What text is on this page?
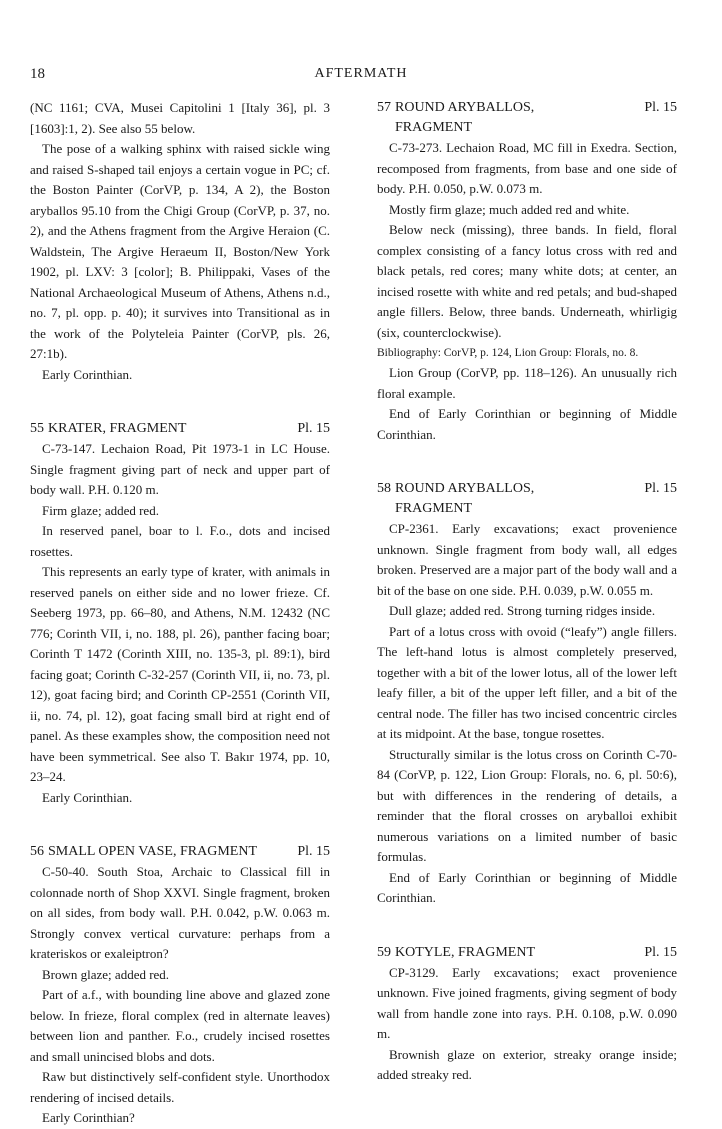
18	AFTERMATH

(NC 1161; CVA, Musei Capitolini 1 [Italy 36], pl. 3 [1603]:1, 2). See also 55 below.

The pose of a walking sphinx with raised sickle wing and raised S-shaped tail enjoys a certain vogue in PC; cf. the Boston Painter (CorVP, p. 134, A 2), the Boston aryballos 95.10 from the Chigi Group (CorVP, p. 37, no. 2), and the Athens fragment from the Argive Heraion (C. Waldstein, The Argive Heraeum II, Boston/New York 1902, pl. LXV: 3 [color]; B. Philippaki, Vases of the National Archaeological Museum of Athens, Athens n.d., no. 7, pl. opp. p. 40); it survives into Transitional as in the work of the Polyteleia Painter (CorVP, pls. 26, 27:1b).

Early Corinthian.

55 KRATER, FRAGMENT	Pl. 15

C-73-147. Lechaion Road, Pit 1973-1 in LC House. Single fragment giving part of neck and upper part of body wall. P.H. 0.120 m.

Firm glaze; added red.

In reserved panel, boar to l. F.o., dots and incised rosettes.

This represents an early type of krater, with animals in reserved panels on either side and no lower frieze. Cf. Seeberg 1973, pp. 66–80, and Athens, N.M. 12432 (NC 776; Corinth VII, i, no. 188, pl. 26), panther facing boar; Corinth T 1472 (Corinth XIII, no. 135-3, pl. 89:1), bird facing goat; Corinth C-32-257 (Corinth VII, ii, no. 73, pl. 12), goat facing bird; and Corinth CP-2551 (Corinth VII, ii, no. 74, pl. 12), goat facing small bird at right end of panel. As these examples show, the composition need not have been symmetrical. See also T. Bakır 1974, pp. 10, 23–24.

Early Corinthian.

56 SMALL OPEN VASE, FRAGMENT	Pl. 15

C-50-40. South Stoa, Archaic to Classical fill in colonnade north of Shop XXVI. Single fragment, broken on all sides, from body wall. P.H. 0.042, p.W. 0.063 m. Strongly convex vertical curvature: perhaps from a krateriskos or exaleiptron?

Brown glaze; added red.

Part of a.f., with bounding line above and glazed zone below. In frieze, floral complex (red in alternate leaves) between lion and panther. F.o., crudely incised rosettes and small unincised blobs and dots.

Raw but distinctively self-confident style. Unorthodox rendering of incised details.

Early Corinthian?

57 ROUND ARYBALLOS,
FRAGMENT
Pl. 15

C-73-273. Lechaion Road, MC fill in Exedra. Section, recomposed from fragments, from base and one side of body. P.H. 0.050, p.W. 0.073 m.

Mostly firm glaze; much added red and white.

Below neck (missing), three bands. In field, floral complex consisting of a fancy lotus cross with red and black petals, red cores; many white dots; at center, an incised rosette with white and red petals; and bud-shaped angle fillers. Below, three bands. Underneath, whirligig (six, counterclockwise).

Bibliography: CorVP, p. 124, Lion Group: Florals, no. 8.

Lion Group (CorVP, pp. 118–126). An unusually rich floral example.

End of Early Corinthian or beginning of Middle Corinthian.

58 ROUND ARYBALLOS,
FRAGMENT
Pl. 15

CP-2361. Early excavations; exact provenience unknown. Single fragment from body wall, all edges broken. Preserved are a major part of the body wall and a bit of the base on one side. P.H. 0.039, p.W. 0.055 m.

Dull glaze; added red. Strong turning ridges inside.

Part of a lotus cross with ovoid (“leafy”) angle fillers. The left-hand lotus is almost completely preserved, together with a bit of the lower lotus, all of the lower left leafy filler, a bit of the upper left filler, and a bit of the central node. The filler has two incised concentric circles at its midpoint. At the base, tongue rosettes.

Structurally similar is the lotus cross on Corinth C-70-84 (CorVP, p. 122, Lion Group: Florals, no. 6, pl. 50:6), but with differences in the rendering of details, a reminder that the floral crosses on aryballoi exhibit numerous variations on a limited number of basic formulas.

End of Early Corinthian or beginning of Middle Corinthian.

59 KOTYLE, FRAGMENT	Pl. 15

CP-3129. Early excavations; exact provenience unknown. Five joined fragments, giving segment of body wall from handle zone into rays. P.H. 0.108, p.W. 0.090 m.

Brownish glaze on exterior, streaky orange inside; added streaky red.
